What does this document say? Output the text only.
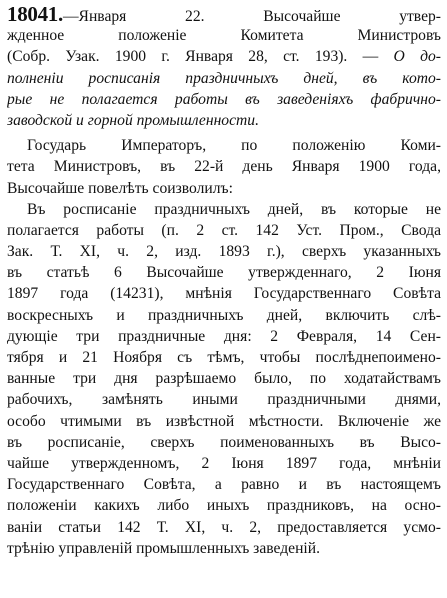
18041.—Января 22. Высочайше утвер-
жденное положеніе Комитета Министровъ
(Собр. Узак. 1900 г. Января 28, ст. 193). — О до-
полненіи росписанія праздничныхъ дней, въ кото-
рые не полагается работы въ заведеніяхъ фабрично-
заводской и горной промышленности.
Государь Императоръ, по положенію Коми-
тета Министровъ, въ 22-й день Января 1900 года,
Высочайше повелѣть соизволилъ:
Въ росписаніе праздничныхъ дней, въ которые не
полагается работы (п. 2 ст. 142 Уст. Пром., Свода
Зак. Т. XI, ч. 2, изд. 1893 г.), сверхъ указанныхъ
въ статьѣ 6 Высочайше утвержденнаго, 2 Іюня
1897 года (14231), мнѣнія Государственнаго Совѣта
воскресныхъ и праздничныхъ дней, включить слѣ-
дующіе три праздничные дня: 2 Февраля, 14 Сен-
тября и 21 Ноября съ тѣмъ, чтобы послѣднепоимено-
ванные три дня разрѣшаемо было, по ходатайствамъ
рабочихъ, замѣнять иными праздничными днями,
особо чтимыми въ извѣстной мѣстности. Включеніе же
въ росписаніе, сверхъ поименованныхъ въ Высо-
чайше утвержденномъ, 2 Іюня 1897 года, мнѣніи
Государственнаго Совѣта, а равно и въ настоящемъ
положеніи какихъ либо иныхъ праздниковъ, на осно-
ваніи статьи 142 Т. XI, ч. 2, предоставляется усмо-
трѣнію управленій промышленныхъ заведеній.
